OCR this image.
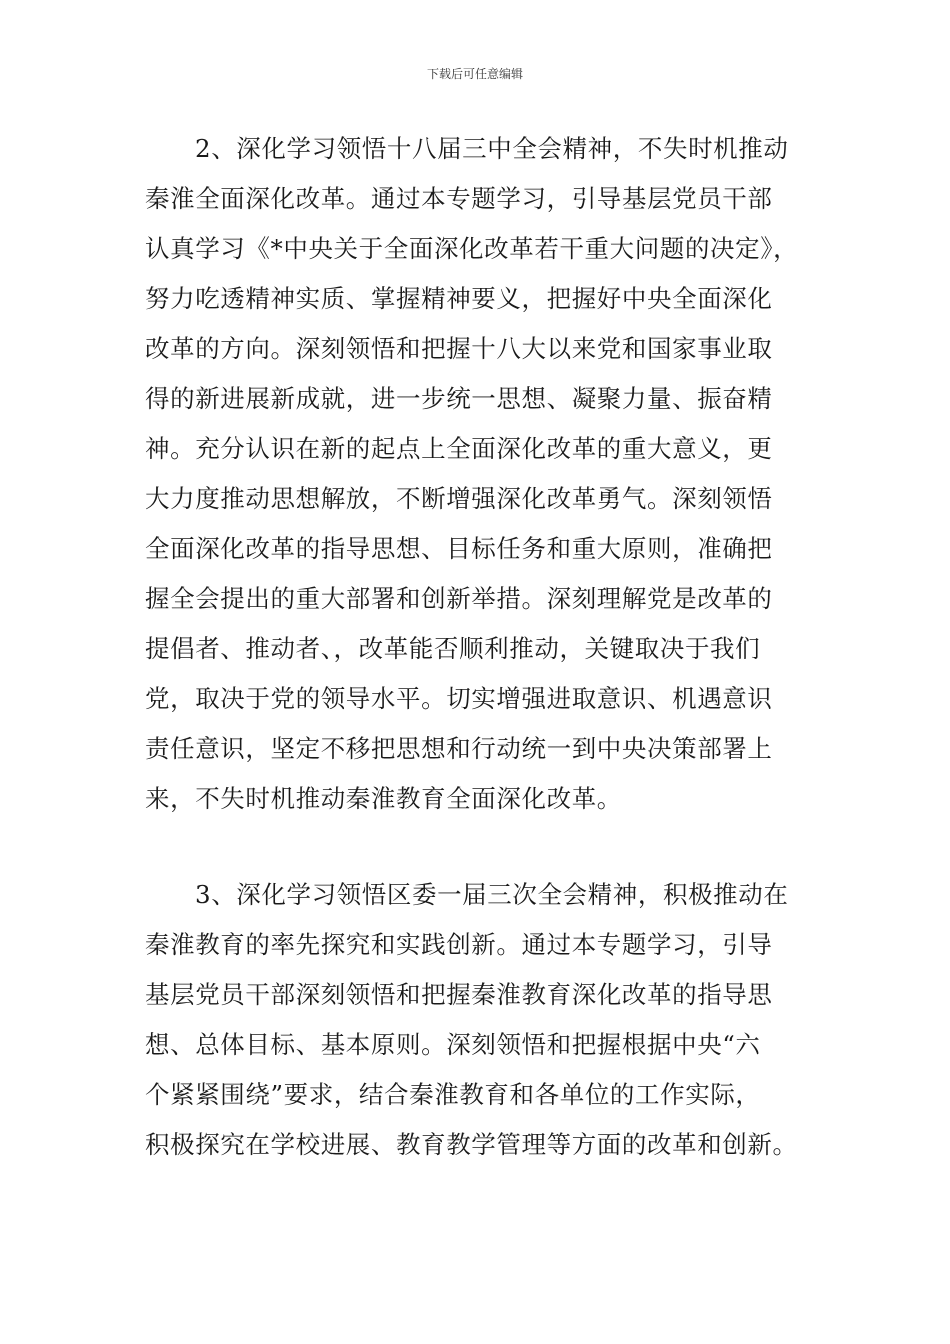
下载后可任意编辑
2、深化学习领悟十八届三中全会精神，不失时机推动
秦淮全面深化改革。通过本专题学习，引导基层党员干部
认真学习《*中央关于全面深化改革若干重大问题的决定》，
努力吃透精神实质、掌握精神要义，把握好中央全面深化
改革的方向。深刻领悟和把握十八大以来党和国家事业取
得的新进展新成就，进一步统一思想、凝聚力量、振奋精
神。充分认识在新的起点上全面深化改革的重大意义，更
大力度推动思想解放，不断增强深化改革勇气。深刻领悟
全面深化改革的指导思想、目标任务和重大原则，准确把
握全会提出的重大部署和创新举措。深刻理解党是改革的
提倡者、推动者、，改革能否顺利推动，关键取决于我们
党，取决于党的领导水平。切实增强进取意识、机遇意识
责任意识，坚定不移把思想和行动统一到中央决策部署上
来，不失时机推动秦淮教育全面深化改革。
3、深化学习领悟区委一届三次全会精神，积极推动在
秦淮教育的率先探究和实践创新。通过本专题学习，引导
基层党员干部深刻领悟和把握秦淮教育深化改革的指导思
想、总体目标、基本原则。深刻领悟和把握根据中央“六
个紧紧围绕”要求，结合秦淮教育和各单位的工作实际，
积极探究在学校进展、教育教学管理等方面的改革和创新。
